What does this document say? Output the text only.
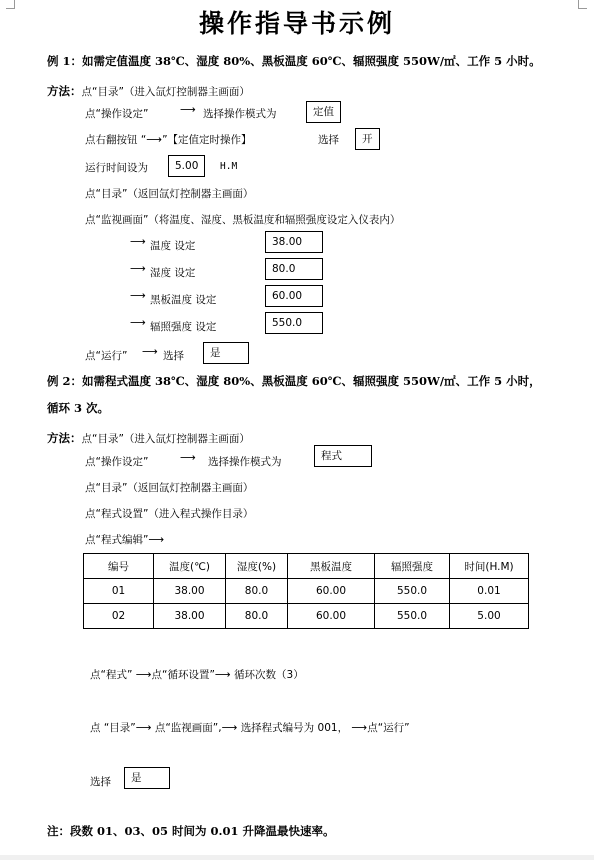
操作指导书示例
例 1：如需定值温度 38℃、湿度 80%、黑板温度 60℃、辐照强度 550W/㎡、工作 5 小时。
方法：点“目录”（进入氙灯控制器主画面）
点“操作设定”	⟶ 选择操作模式为	定值
点右翻按钮 “⟶”【定值定时操作】	选择	开
运行时间设为	5.00	H.M
点“目录”（返回氙灯控制器主画面）
点“监视画面”（将温度、湿度、黑板温度和辐照强度设定入仪表内）
⟶ 温度 设定	38.00
⟶ 湿度 设定	80.0
⟶ 黑板温度 设定	60.00
⟶ 辐照强度 设定	550.0
点“运行” ⟶ 选择	是
例 2：如需程式温度 38℃、湿度 80%、黑板温度 60℃、辐照强度 550W/㎡、工作 5 小时，
循环 3 次。
方法：点“目录”（进入氙灯控制器主画面）
点“操作设定”	⟶ 选择操作模式为	程式
点“目录”（返回氙灯控制器主画面）
点“程式设置”（进入程式操作目录）
点“程式编辑”⟶
编号	温度(℃)	湿度(%)	黑板温度	辐照强度	时间(H.M)
01	38.00	80.0	60.00	550.0	0.01
02	38.00	80.0	60.00	550.0	5.00
点“程式” ⟶点“循环设置”⟶ 循环次数（3）
点 “目录”⟶ 点“监视画面”,⟶ 选择程式编号为 001， ⟶点“运行”
选择	是
注：段数 01、03、05 时间为 0.01 升降温最快速率。
